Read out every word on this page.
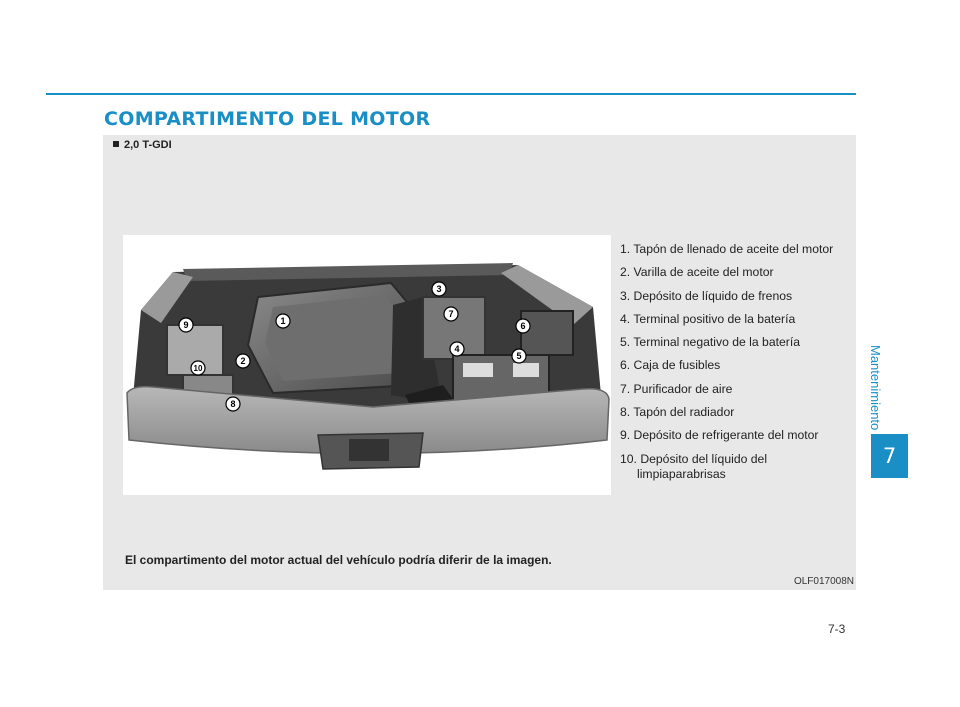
COMPARTIMENTO DEL MOTOR
2,0 T-GDI
1
2
3
4
5
6
7
8
9
10
1. Tapón de llenado de aceite del motor
2. Varilla de aceite del motor
3. Depósito de líquido de frenos
4. Terminal positivo de la batería
5. Terminal negativo de la batería
6. Caja de fusibles
7. Purificador de aire
8. Tapón del radiador
9. Depósito de refrigerante del motor
10. Depósito del líquido del
limpiaparabrisas
El compartimento del motor actual del vehículo podría diferir de la imagen.
OLF017008N
Mantenimiento
7
7-3
